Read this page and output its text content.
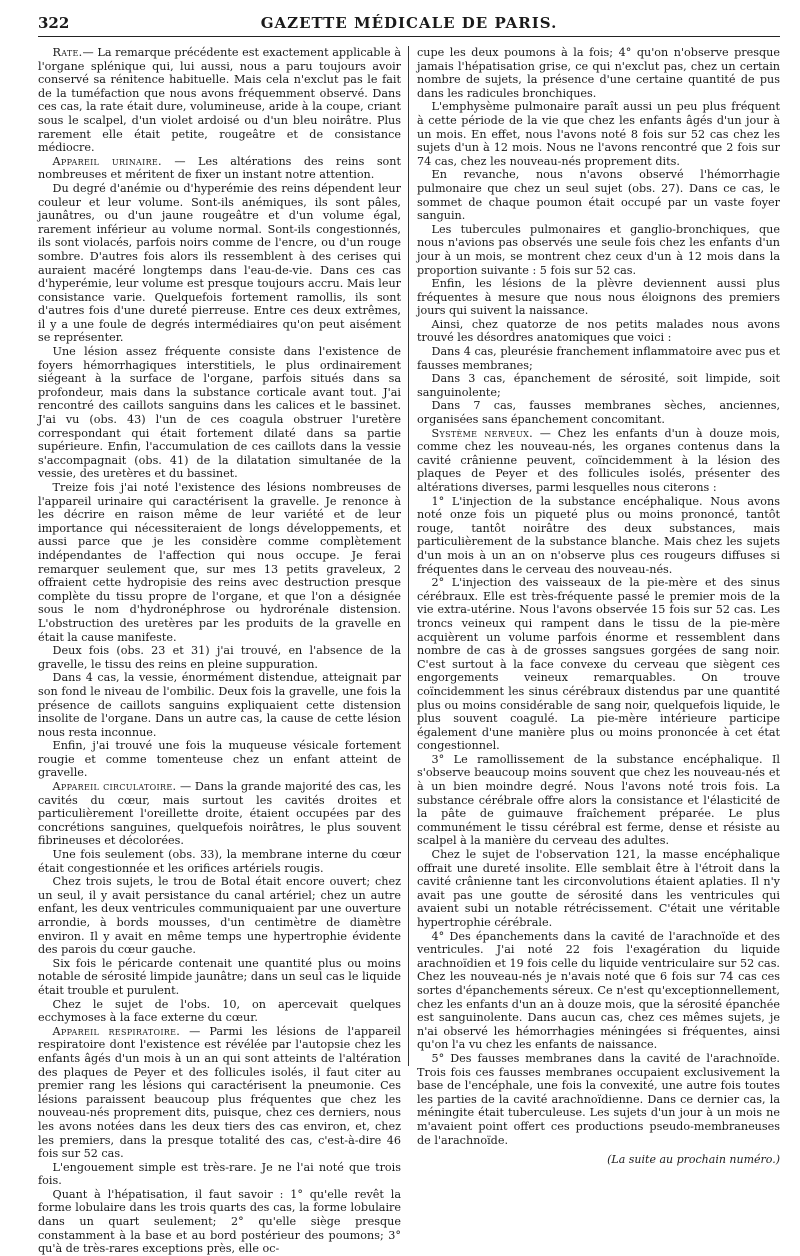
322	GAZETTE MÉDICALE DE PARIS.

Rate.— La remarque précédente est exactement applicable à l'organe splénique qui, lui aussi, nous a paru toujours avoir conservé sa rénitence habituelle. Mais cela n'exclut pas le fait de la tuméfaction que nous avons fréquemment observé. Dans ces cas, la rate était dure, volumineuse, aride à la coupe, criant sous le scalpel, d'un violet ardoisé ou d'un bleu noirâtre. Plus rarement elle était petite, rougeâtre et de consistance médiocre.

Appareil urinaire. — Les altérations des reins sont nombreuses et méritent de fixer un instant notre attention.

Du degré d'anémie ou d'hyperémie des reins dépendent leur couleur et leur volume. Sont-ils anémiques, ils sont pâles, jaunâtres, ou d'un jaune rougeâtre et d'un volume égal, rarement inférieur au volume normal. Sont-ils congestionnés, ils sont violacés, parfois noirs comme de l'encre, ou d'un rouge sombre. D'autres fois alors ils ressemblent à des cerises qui auraient macéré longtemps dans l'eau-de-vie. Dans ces cas d'hyperémie, leur volume est presque toujours accru. Mais leur consistance varie. Quelquefois fortement ramollis, ils sont d'autres fois d'une dureté pierreuse. Entre ces deux extrêmes, il y a une foule de degrés intermédiaires qu'on peut aisément se représenter.

Une lésion assez fréquente consiste dans l'existence de foyers hémorrhagiques interstitiels, le plus ordinairement siégeant à la surface de l'organe, parfois situés dans sa profondeur, mais dans la substance corticale avant tout. J'ai rencontré des caillots sanguins dans les calices et le bassinet. J'ai vu (obs. 43) l'un de ces coagula obstruer l'uretère correspondant qui était fortement dilaté dans sa partie supérieure. Enfin, l'accumulation de ces caillots dans la vessie s'accompagnait (obs. 41) de la dilatation simultanée de la vessie, des uretères et du bassinet.

Treize fois j'ai noté l'existence des lésions nombreuses de l'appareil urinaire qui caractérisent la gravelle. Je renonce à les décrire en raison même de leur variété et de leur importance qui nécessiteraient de longs développements, et aussi parce que je les considère comme complètement indépendantes de l'affection qui nous occupe. Je ferai remarquer seulement que, sur mes 13 petits graveleux, 2 offraient cette hydropisie des reins avec destruction presque complète du tissu propre de l'organe, et que l'on a désignée sous le nom d'hydronéphrose ou hydrorénale distension. L'obstruction des uretères par les produits de la gravelle en était la cause manifeste.

Deux fois (obs. 23 et 31) j'ai trouvé, en l'absence de la gravelle, le tissu des reins en pleine suppuration.

Dans 4 cas, la vessie, énormément distendue, atteignait par son fond le niveau de l'ombilic. Deux fois la gravelle, une fois la présence de caillots sanguins expliquaient cette distension insolite de l'organe. Dans un autre cas, la cause de cette lésion nous resta inconnue.

Enfin, j'ai trouvé une fois la muqueuse vésicale fortement rougie et comme tomenteuse chez un enfant atteint de gravelle.

Appareil circulatoire. — Dans la grande majorité des cas, les cavités du cœur, mais surtout les cavités droites et particulièrement l'oreillette droite, étaient occupées par des concrétions sanguines, quelquefois noirâtres, le plus souvent fibrineuses et décolorées.

Une fois seulement (obs. 33), la membrane interne du cœur était congestionnée et les orifices artériels rougis.

Chez trois sujets, le trou de Botal était encore ouvert; chez un seul, il y avait persistance du canal artériel; chez un autre enfant, les deux ventricules communiquaient par une ouverture arrondie, à bords mousses, d'un centimètre de diamètre environ. Il y avait en même temps une hypertrophie évidente des parois du cœur gauche.

Six fois le péricarde contenait une quantité plus ou moins notable de sérosité limpide jaunâtre; dans un seul cas le liquide était trouble et purulent.

Chez le sujet de l'obs. 10, on apercevait quelques ecchymoses à la face externe du cœur.

Appareil respiratoire. — Parmi les lésions de l'appareil respiratoire dont l'existence est révélée par l'autopsie chez les enfants âgés d'un mois à un an qui sont atteints de l'altération des plaques de Peyer et des follicules isolés, il faut citer au premier rang les lésions qui caractérisent la pneumonie. Ces lésions paraissent beaucoup plus fréquentes que chez les nouveau-nés proprement dits, puisque, chez ces derniers, nous les avons notées dans les deux tiers des cas environ, et, chez les premiers, dans la presque totalité des cas, c'est-à-dire 46 fois sur 52 cas.

L'engouement simple est très-rare. Je ne l'ai noté que trois fois.

Quant à l'hépatisation, il faut savoir : 1° qu'elle revêt la forme lobulaire dans les trois quarts des cas, la forme lobulaire dans un quart seulement; 2° qu'elle siège presque constamment à la base et au bord postérieur des poumons; 3° qu'à de très-rares exceptions près, elle oc-

cupe les deux poumons à la fois; 4° qu'on n'observe presque jamais l'hépatisation grise, ce qui n'exclut pas, chez un certain nombre de sujets, la présence d'une certaine quantité de pus dans les radicules bronchiques.

L'emphysème pulmonaire paraît aussi un peu plus fréquent à cette période de la vie que chez les enfants âgés d'un jour à un mois. En effet, nous l'avons noté 8 fois sur 52 cas chez les sujets d'un à 12 mois. Nous ne l'avons rencontré que 2 fois sur 74 cas, chez les nouveau-nés proprement dits.

En revanche, nous n'avons observé l'hémorrhagie pulmonaire que chez un seul sujet (obs. 27). Dans ce cas, le sommet de chaque poumon était occupé par un vaste foyer sanguin.

Les tubercules pulmonaires et ganglio-bronchiques, que nous n'avions pas observés une seule fois chez les enfants d'un jour à un mois, se montrent chez ceux d'un à 12 mois dans la proportion suivante : 5 fois sur 52 cas.

Enfin, les lésions de la plèvre deviennent aussi plus fréquentes à mesure que nous nous éloignons des premiers jours qui suivent la naissance.

Ainsi, chez quatorze de nos petits malades nous avons trouvé les désordres anatomiques que voici :

Dans 4 cas, pleurésie franchement inflammatoire avec pus et fausses membranes;

Dans 3 cas, épanchement de sérosité, soit limpide, soit sanguinolente;

Dans 7 cas, fausses membranes sèches, anciennes, organisées sans épanchement concomitant.

Système nerveux. — Chez les enfants d'un à douze mois, comme chez les nouveau-nés, les organes contenus dans la cavité crânienne peuvent, coïncidemment à la lésion des plaques de Peyer et des follicules isolés, présenter des altérations diverses, parmi lesquelles nous citerons :

1° L'injection de la substance encéphalique. Nous avons noté onze fois un piqueté plus ou moins prononcé, tantôt rouge, tantôt noirâtre des deux substances, mais particulièrement de la substance blanche. Mais chez les sujets d'un mois à un an on n'observe plus ces rougeurs diffuses si fréquentes dans le cerveau des nouveau-nés.

2° L'injection des vaisseaux de la pie-mère et des sinus cérébraux. Elle est très-fréquente passé le premier mois de la vie extra-utérine. Nous l'avons observée 15 fois sur 52 cas. Les troncs veineux qui rampent dans le tissu de la pie-mère acquièrent un volume parfois énorme et ressemblent dans nombre de cas à de grosses sangsues gorgées de sang noir. C'est surtout à la face convexe du cerveau que siègent ces engorgements veineux remarquables. On trouve coïncidemment les sinus cérébraux distendus par une quantité plus ou moins considérable de sang noir, quelquefois liquide, le plus souvent coagulé. La pie-mère intérieure participe également d'une manière plus ou moins prononcée à cet état congestionnel.

3° Le ramollissement de la substance encéphalique. Il s'observe beaucoup moins souvent que chez les nouveau-nés et à un bien moindre degré. Nous l'avons noté trois fois. La substance cérébrale offre alors la consistance et l'élasticité de la pâte de guimauve fraîchement préparée. Le plus communément le tissu cérébral est ferme, dense et résiste au scalpel à la manière du cerveau des adultes.

Chez le sujet de l'observation 121, la masse encéphalique offrait une dureté insolite. Elle semblait être à l'étroit dans la cavité crânienne tant les circonvolutions étaient aplaties. Il n'y avait pas une goutte de sérosité dans les ventricules qui avaient subi un notable rétrécissement. C'était une véritable hypertrophie cérébrale.

4° Des épanchements dans la cavité de l'arachnoïde et des ventricules. J'ai noté 22 fois l'exagération du liquide arachnoïdien et 19 fois celle du liquide ventriculaire sur 52 cas. Chez les nouveau-nés je n'avais noté que 6 fois sur 74 cas ces sortes d'épanchements séreux. Ce n'est qu'exceptionnellement, chez les enfants d'un an à douze mois, que la sérosité épanchée est sanguinolente. Dans aucun cas, chez ces mêmes sujets, je n'ai observé les hémorrhagies méningées si fréquentes, ainsi qu'on l'a vu chez les enfants de naissance.

5° Des fausses membranes dans la cavité de l'arachnoïde. Trois fois ces fausses membranes occupaient exclusivement la base de l'encéphale, une fois la convexité, une autre fois toutes les parties de la cavité arachnoïdienne. Dans ce dernier cas, la méningite était tuberculeuse. Les sujets d'un jour à un mois ne m'avaient point offert ces productions pseudo-membraneuses de l'arachnoïde.

(La suite au prochain numéro.)
